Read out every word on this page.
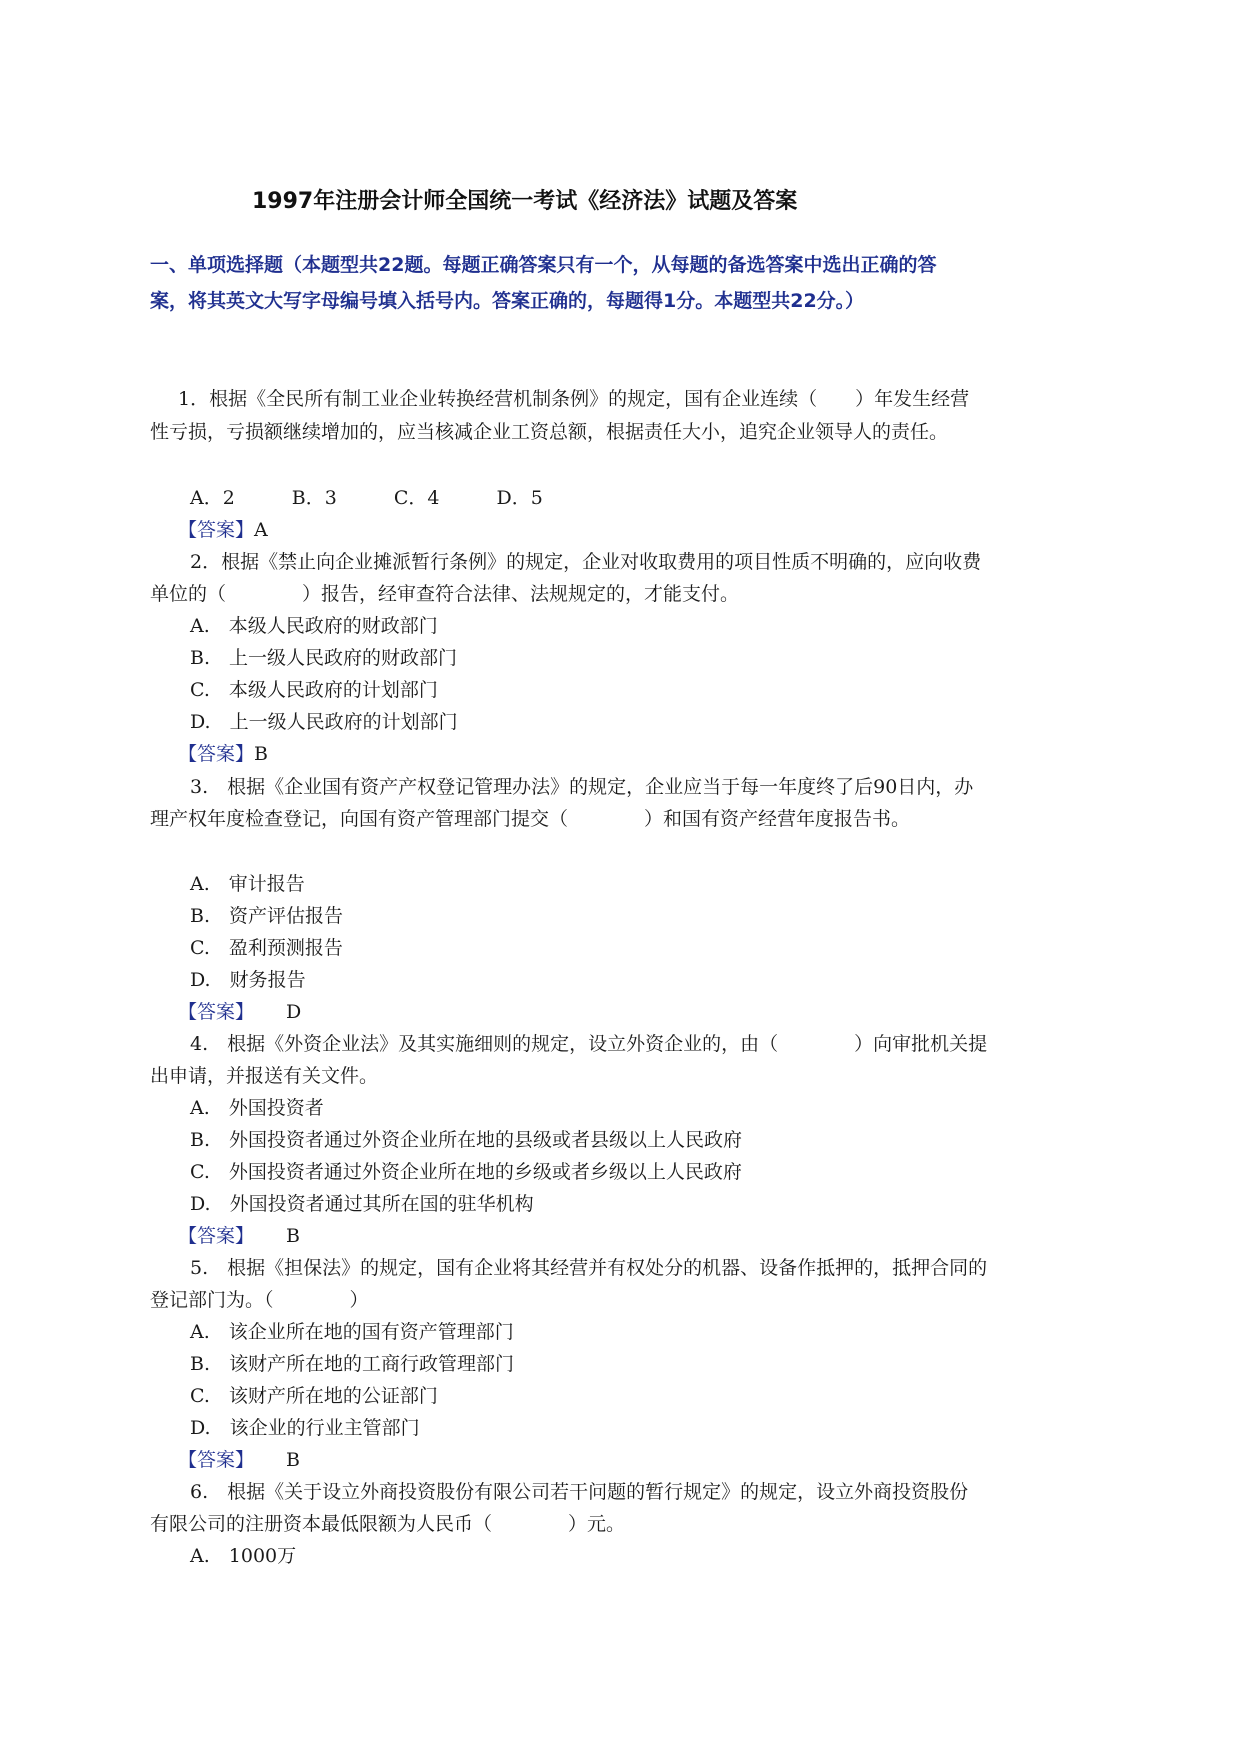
1997年注册会计师全国统一考试《经济法》试题及答案
一、单项选择题（本题型共22题。每题正确答案只有一个，从每题的备选答案中选出正确的答
案，将其英文大写字母编号填入括号内。答案正确的，每题得1分。本题型共22分。）
1．根据《全民所有制工业企业转换经营机制条例》的规定，国有企业连续（　　）年发生经营
性亏损，亏损额继续增加的，应当核减企业工资总额，根据责任大小，追究企业领导人的责任。
A．2　　　B．3　　　C．4　　　D．5
【答案】A
2．根据《禁止向企业摊派暂行条例》的规定，企业对收取费用的项目性质不明确的，应向收费
单位的（　　　　）报告，经审查符合法律、法规规定的，才能支付。
A.　本级人民政府的财政部门
B.　上一级人民政府的财政部门
C.　本级人民政府的计划部门
D.　上一级人民政府的计划部门
【答案】B
3.　根据《企业国有资产产权登记管理办法》的规定，企业应当于每一年度终了后90日内，办
理产权年度检查登记，向国有资产管理部门提交（　　　　）和国有资产经营年度报告书。
A.　审计报告
B.　资产评估报告
C.　盈利预测报告
D.　财务报告
【答案】 D
4.　根据《外资企业法》及其实施细则的规定，设立外资企业的，由（　　　　）向审批机关提
出申请，并报送有关文件。
A.　外国投资者
B.　外国投资者通过外资企业所在地的县级或者县级以上人民政府
C.　外国投资者通过外资企业所在地的乡级或者乡级以上人民政府
D.　外国投资者通过其所在国的驻华机构
【答案】 B
5.　根据《担保法》的规定，国有企业将其经营并有权处分的机器、设备作抵押的，抵押合同的
登记部门为。（　　　　）
A.　该企业所在地的国有资产管理部门
B.　该财产所在地的工商行政管理部门
C.　该财产所在地的公证部门
D.　该企业的行业主管部门
【答案】 B
6.　根据《关于设立外商投资股份有限公司若干问题的暂行规定》的规定，设立外商投资股份
有限公司的注册资本最低限额为人民币（　　　　）元。
A.　1000万
